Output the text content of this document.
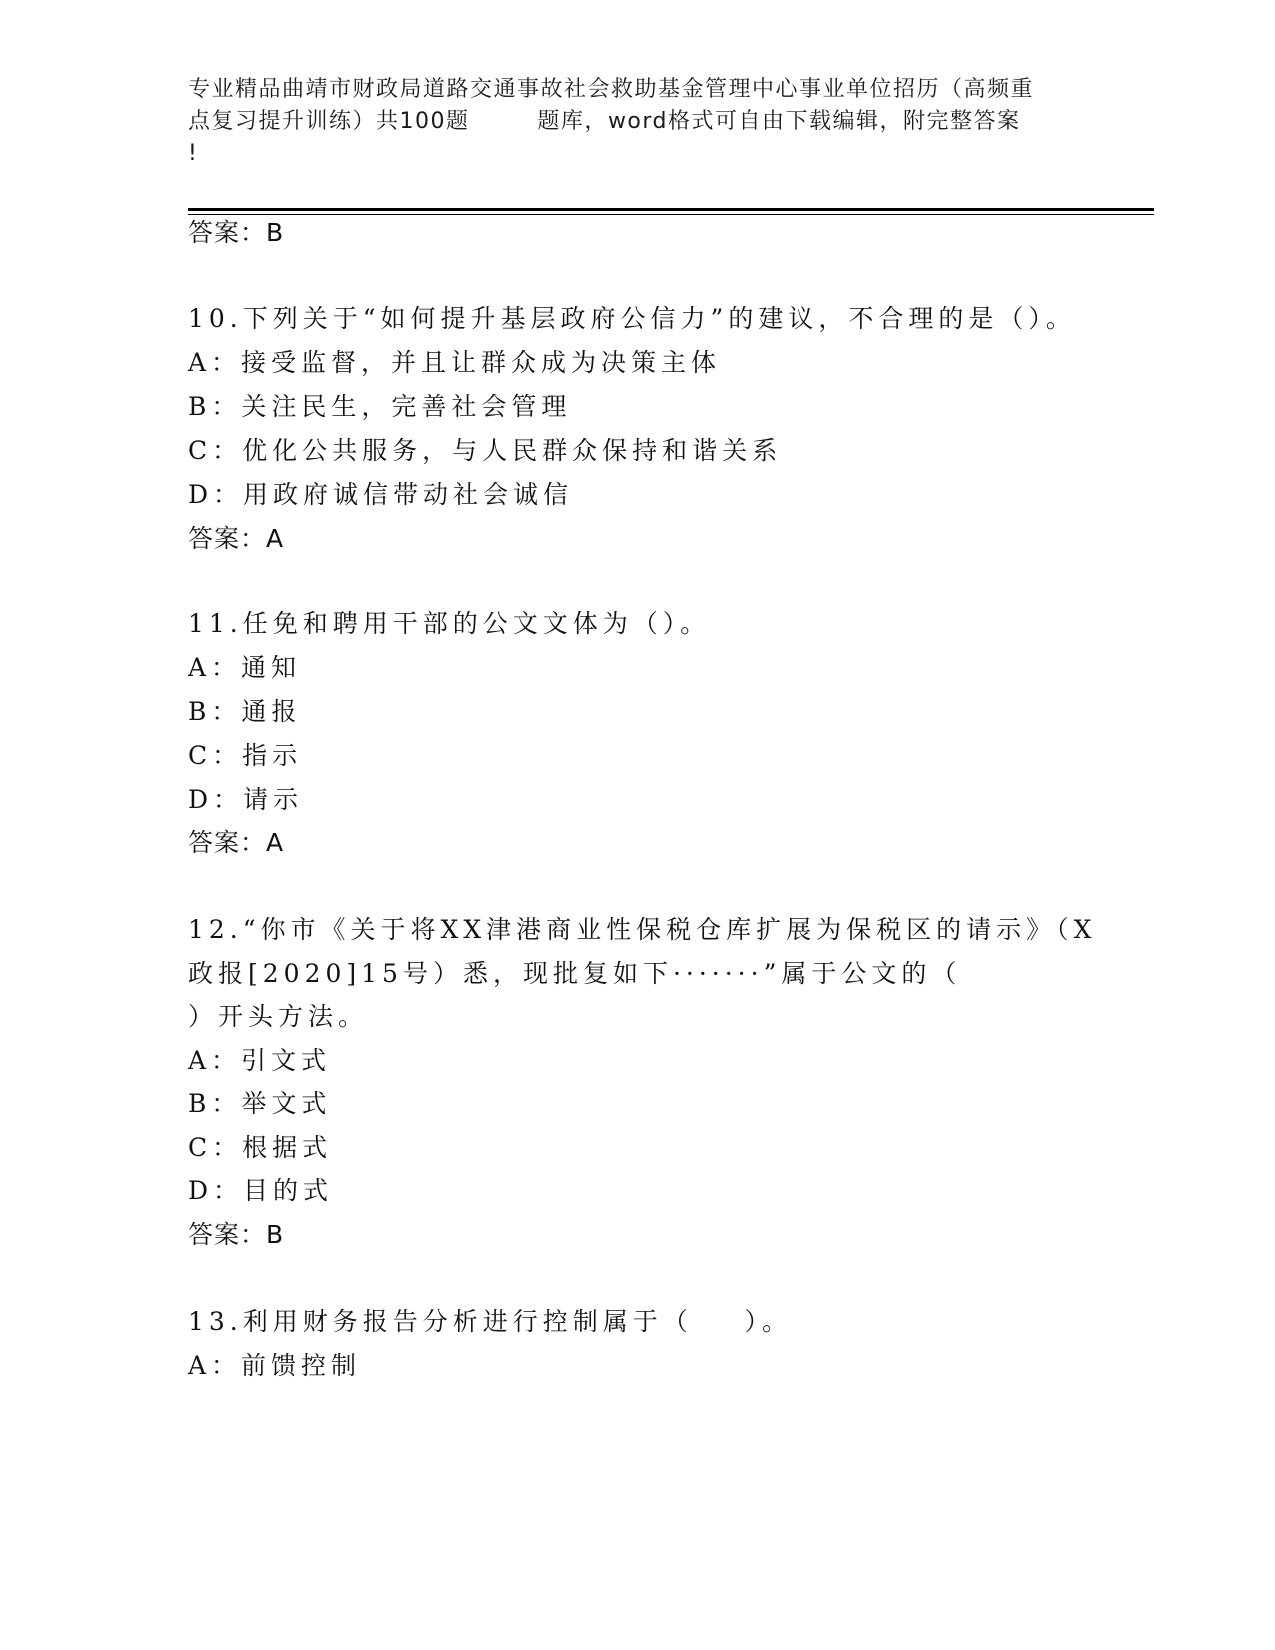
专业精品曲靖市财政局道路交通事故社会救助基金管理中心事业单位招历（高频重
点复习提升训练）共100题        题库，word格式可自由下载编辑，附完整答案
!
答案：B
10.下列关于“如何提升基层政府公信力”的建议，不合理的是（）。
A：接受监督，并且让群众成为决策主体
B：关注民生，完善社会管理
C：优化公共服务，与人民群众保持和谐关系
D：用政府诚信带动社会诚信
答案：A
11.任免和聘用干部的公文文体为（）。
A：通知
B：通报
C：指示
D：请示
答案：A
12.“你市《关于将XX津港商业性保税仓库扩展为保税区的请示》（X
政报[2020]15号）悉，现批复如下·······”属于公文的（
）开头方法。
A：引文式
B：举文式
C：根据式
D：目的式
答案：B
13.利用财务报告分析进行控制属于（    ）。
A：前馈控制
